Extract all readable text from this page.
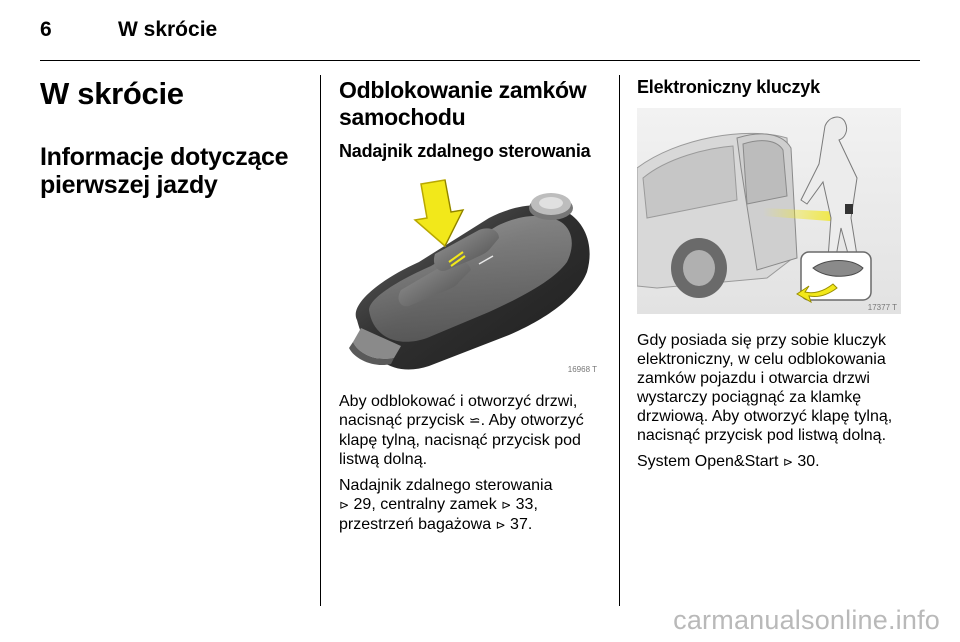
6	W skrócie
W skrócie
Informacje dotyczące pierwszej jazdy
Odblokowanie zamków samochodu
Nadajnik zdalnego sterowania
16968 T

Aby odblokować i otworzyć drzwi, nacisnąć przycisk ⋍. Aby otworzyć klapę tylną, nacisnąć przycisk pod listwą dolną.

Nadajnik zdalnego sterowania
⊳ 29, centralny zamek ⊳ 33,
przestrzeń bagażowa ⊳ 37.

Elektroniczny kluczyk
17377 T

Gdy posiada się przy sobie kluczyk elektroniczny, w celu odblokowania zamków pojazdu i otwarcia drzwi wystarczy pociągnąć za klamkę drzwiową. Aby otworzyć klapę tylną, nacisnąć przycisk pod listwą dolną.

System Open&Start ⊳ 30.

carmanualsonline.info
